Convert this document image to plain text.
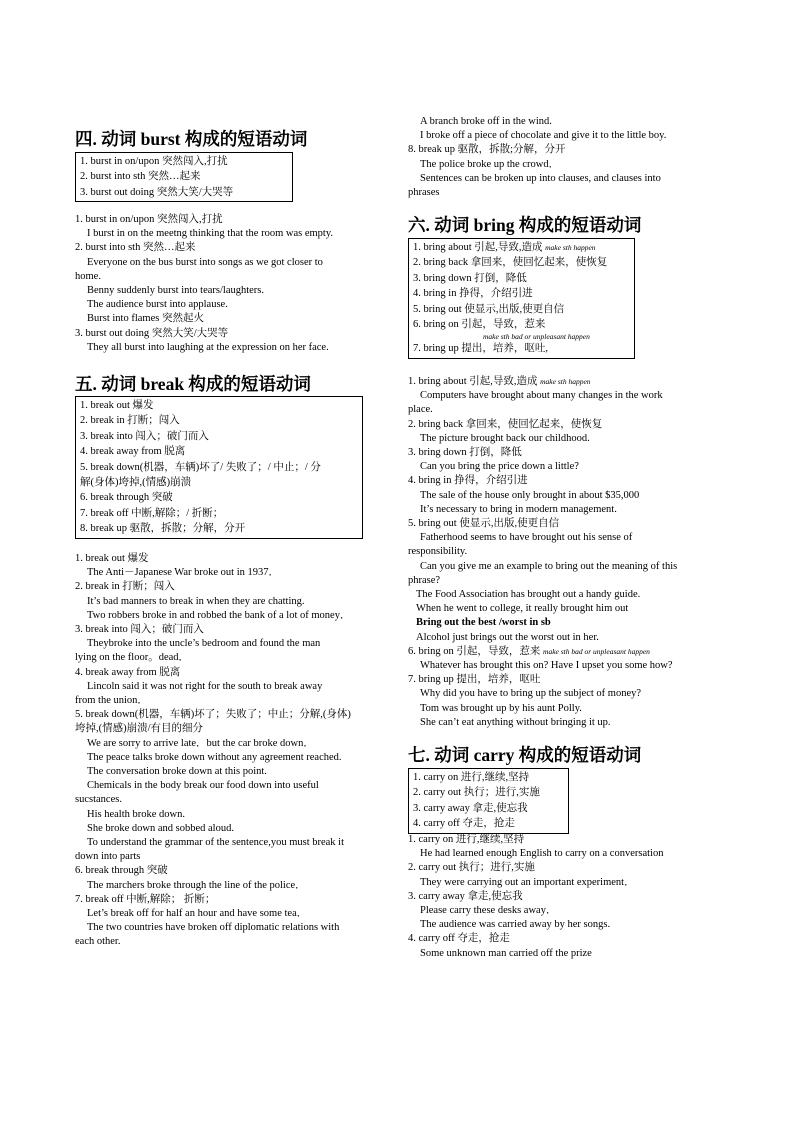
四. 动词 burst 构成的短语动词
1. burst in on/upon 突然闯入,打扰
2. burst into sth 突然…起来
3. burst out doing 突然大笑/大哭等
1. burst in on/upon 突然闯入,打扰
I burst in on the meetng thinking that the room was empty.
2. burst into sth 突然…起来
Everyone on the bus burst into songs as we got closer to
home.
Benny suddenly burst into tears/laughters.
The audience burst into applause.
Burst into flames 突然起火
3. burst out doing 突然大笑/大哭等
They all burst into laughing at the expression on her face.
五. 动词 break 构成的短语动词
1. break out 爆发
2. break in 打断；闯入
3. break into 闯入；破门而入
4. break away from 脱离
5. break down(机器，车辆)坏了/ 失败了；/ 中止；/ 分
解(身体)垮掉,(情感)崩溃
6. break through 突破
7. break off 中断,解除；/ 折断；
8. break up 驱散，拆散；分解，分开
1. break out 爆发
The Anti－Japanese War broke out in 1937．
2. break in 打断；闯入
It’s bad manners to break in when they are chatting.
Two robbers broke in and robbed the bank of a lot of money．
3. break into 闯入；破门而入
Theybroke into the uncle’s bedroom and found the man
lying on the floor。dead．
4. break away from 脱离
Lincoln said it was not right for the south to break away
from the union．
5. break down(机器，车辆)坏了；失败了；中止；分解,(身体)
垮掉,(情感)崩溃/有目的细分
We are sorry to arrive late．but the car broke down．
The peace talks broke down without any agreement reached.
The conversation broke down at this point.
Chemicals in the body break our food down into useful
sucstances.
His health broke down.
She broke down and sobbed aloud.
To understand the grammar of the sentence,you must break it
down into parts
6. break through 突破
The marchers broke through the line of the police．
7. break off 中断,解除； 折断；
Let’s break off for half an hour and have some tea．
The two countries have broken off diplomatic relations with
each other.
A branch broke off in the wind.
I broke off a piece of chocolate and give it to the little boy.
8. break up 驱散，拆散;分解，分开
The police broke up the crowd．
Sentences can be broken up into clauses, and clauses into
phrases
六. 动词 bring 构成的短语动词
1. bring about 引起,导致,造成 make sth happen
2. bring back 拿回来，使回忆起来，使恢复
3. bring down 打倒，降低
4. bring in 挣得，介绍引进
5. bring out 使显示,出版,使更自信
6. bring on 引起，导致，惹来
make sth bad or unpleasant happen
7. bring up 提出，培养，呕吐,
1. bring about 引起,导致,造成 make sth happen
Computers have brought about many changes in the work
place.
2. bring back 拿回来，使回忆起来，使恢复
The picture brought back our childhood.
3. bring down 打倒，降低
Can you bring the price down a little?
4. bring in 挣得，介绍引进
The sale of the house only brought in about $35,000
It’s necessary to bring in modern management.
5. bring out 使显示,出版,使更自信
Fatherhood seems to have brought out his sense of
responsibility.
Can you give me an example to bring out the meaning of this
phrase?
The Food Association has brought out a handy guide.
When he went to college, it really brought him out
Bring out the best /worst in sb
Alcohol just brings out the worst out in her.
6. bring on 引起，导致，惹来 make sth bad or unpleasant happen
Whatever has brought this on? Have I upset you some how?
7. bring up 提出，培养，呕吐
Why did you have to bring up the subject of money?
Tom was brought up by his aunt Polly.
She can’t eat anything without bringing it up.
七. 动词 carry 构成的短语动词
1. carry on 进行,继续,坚持
2. carry out 执行；进行,实施
3. carry away 拿走,使忘我
4. carry off 夺走，抢走
1. carry on 进行,继续,坚持
He had learned enough English to carry on a conversation
2. carry out 执行；进行,实施
They were carrying out an important experiment．
3. carry away 拿走,使忘我
Please carry these desks away．
The audience was carried away by her songs.
4. carry off 夺走，抢走
Some unknown man carried off the prize
